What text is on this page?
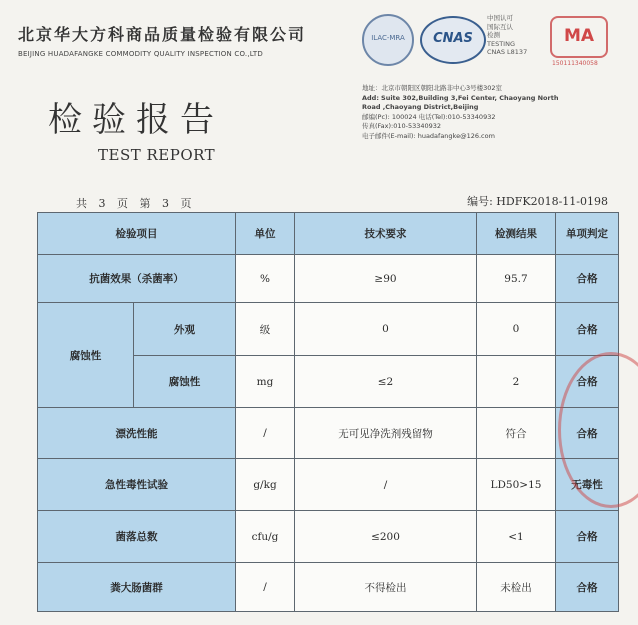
北京华大方科商品质量检验有限公司
BEIJING HUADAFANGKE COMMODITY QUALITY INSPECTION CO.,LTD
ILAC-MRA	CNAS
中国认可
国际互认
检测
TESTING
CNAS L8137
MA
150111340058
检验报告
TEST REPORT
地址：北京市朝阳区朝阳北路非中心3号楼302室
Add: Suite 302,Building 3,Fei Center, Chaoyang North
Road ,Chaoyang District,Beijing
邮编(Pc): 100024 电话(Tel):010-53340932
传真(Fax):010-53340932
电子邮件(E-mail): huadafangke@126.com
共 3 页 第 3 页	编号: HDFK2018-11-0198
检验项目		单位	技术要求	检测结果	单项判定
抗菌效果（杀菌率）		%	≥90	95.7	合格
腐蚀性	外观	级	0	0	合格
	腐蚀性	mg	≤2	2	合格
漂洗性能		/	无可见净洗剂残留物	符合	合格
急性毒性试验		g/kg	/	LD50>15	无毒性
菌落总数		cfu/g	≤200	<1	合格
粪大肠菌群		/	不得检出	未检出	合格
